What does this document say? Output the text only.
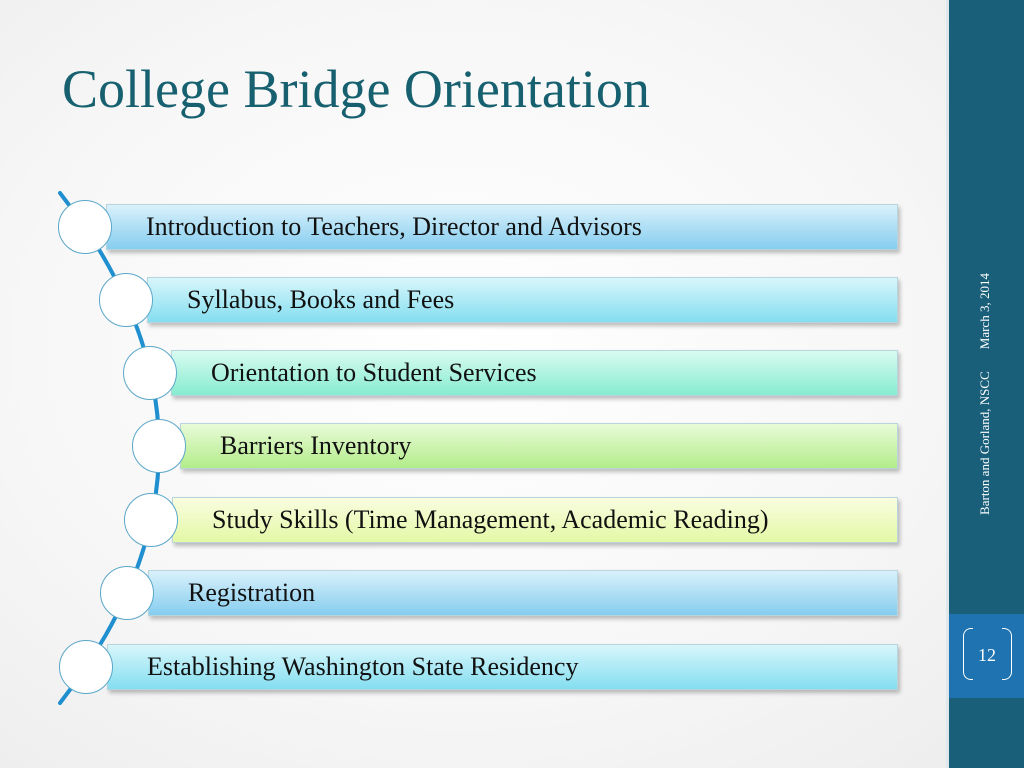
College Bridge Orientation
Introduction to Teachers, Director and Advisors
Syllabus, Books and Fees
Orientation to Student Services
Barriers Inventory
Study Skills (Time Management, Academic Reading)
Registration
Establishing Washington State Residency
Barton and Gorland, NSCCMarch 3, 2014
12
